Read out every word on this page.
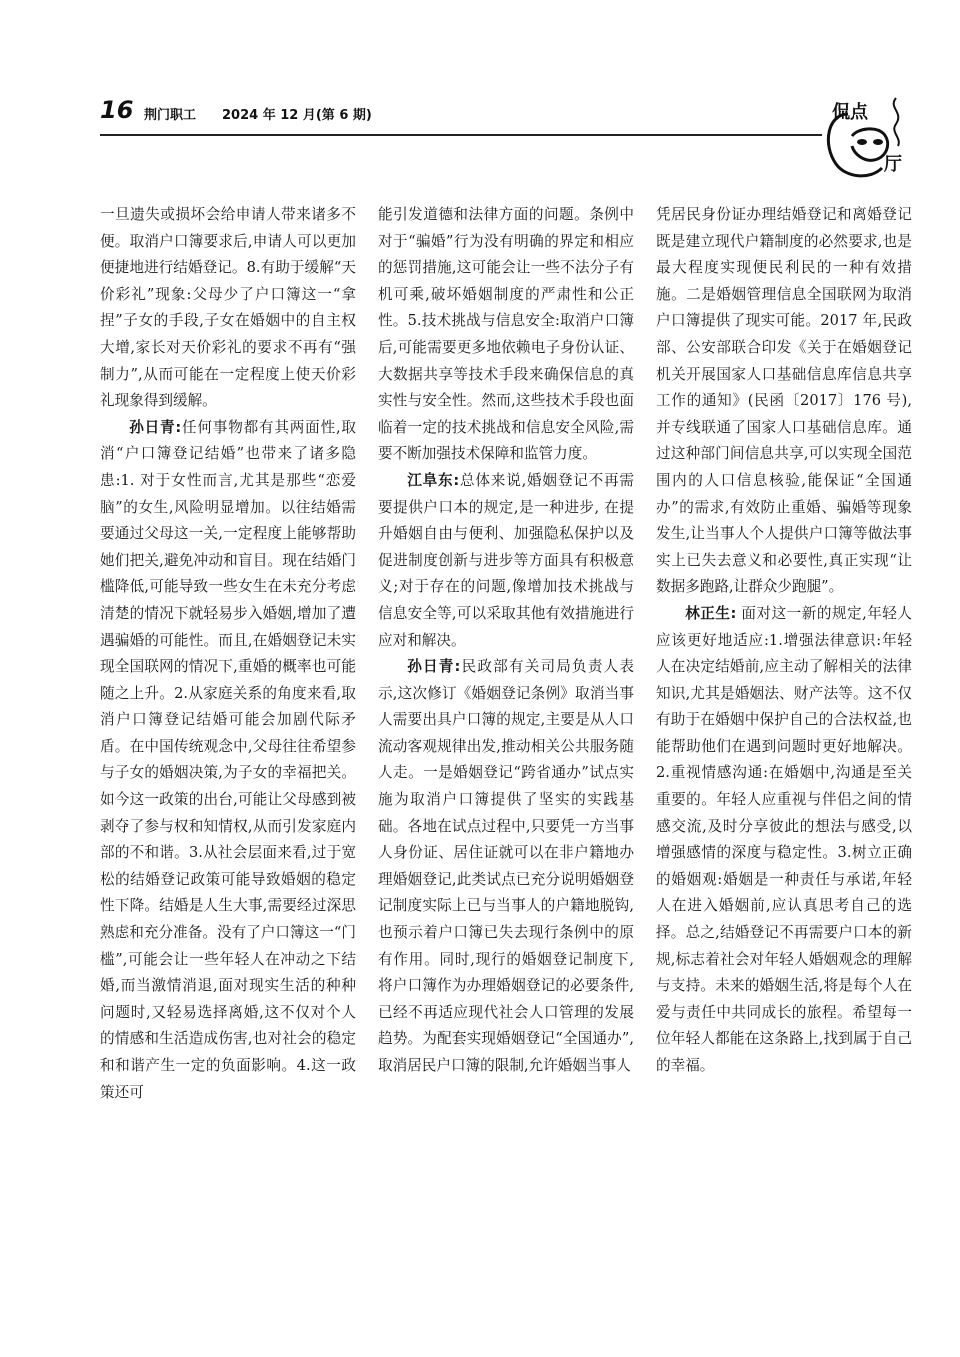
16 荆门职工 2024 年 12 月(第 6 期)	侃点
厅

一旦遗失或损坏会给申请人带来诸多不便。取消户口簿要求后,申请人可以更加便捷地进行结婚登记。8.有助于缓解“天价彩礼”现象:父母少了户口簿这一“拿捏”子女的手段,子女在婚姻中的自主权大增,家长对天价彩礼的要求不再有“强制力”,从而可能在一定程度上使天价彩礼现象得到缓解。

孙日青:任何事物都有其两面性,取消“户口簿登记结婚”也带来了诸多隐患:1. 对于女性而言,尤其是那些“恋爱脑”的女生,风险明显增加。以往结婚需要通过父母这一关,一定程度上能够帮助她们把关,避免冲动和盲目。现在结婚门槛降低,可能导致一些女生在未充分考虑清楚的情况下就轻易步入婚姻,增加了遭遇骗婚的可能性。而且,在婚姻登记未实现全国联网的情况下,重婚的概率也可能随之上升。2.从家庭关系的角度来看,取消户口簿登记结婚可能会加剧代际矛盾。在中国传统观念中,父母往往希望参与子女的婚姻决策,为子女的幸福把关。如今这一政策的出台,可能让父母感到被剥夺了参与权和知情权,从而引发家庭内部的不和谐。3.从社会层面来看,过于宽松的结婚登记政策可能导致婚姻的稳定性下降。结婚是人生大事,需要经过深思熟虑和充分准备。没有了户口簿这一“门槛”,可能会让一些年轻人在冲动之下结婚,而当激情消退,面对现实生活的种种问题时,又轻易选择离婚,这不仅对个人的情感和生活造成伤害,也对社会的稳定和和谐产生一定的负面影响。4.这一政策还可

能引发道德和法律方面的问题。条例中对于“骗婚”行为没有明确的界定和相应的惩罚措施,这可能会让一些不法分子有机可乘,破坏婚姻制度的严肃性和公正性。5.技术挑战与信息安全:取消户口簿后,可能需要更多地依赖电子身份认证、大数据共享等技术手段来确保信息的真实性与安全性。然而,这些技术手段也面临着一定的技术挑战和信息安全风险,需要不断加强技术保障和监管力度。

江阜东:总体来说,婚姻登记不再需要提供户口本的规定,是一种进步, 在提升婚姻自由与便利、加强隐私保护以及促进制度创新与进步等方面具有积极意义;对于存在的问题,像增加技术挑战与信息安全等,可以采取其他有效措施进行应对和解决。

孙日青:民政部有关司局负责人表示,这次修订《婚姻登记条例》取消当事人需要出具户口簿的规定,主要是从人口流动客观规律出发,推动相关公共服务随人走。一是婚姻登记“跨省通办”试点实施为取消户口簿提供了坚实的实践基础。各地在试点过程中,只要凭一方当事人身份证、居住证就可以在非户籍地办理婚姻登记,此类试点已充分说明婚姻登记制度实际上已与当事人的户籍地脱钩,也预示着户口簿已失去现行条例中的原有作用。同时,现行的婚姻登记制度下,将户口簿作为办理婚姻登记的必要条件,已经不再适应现代社会人口管理的发展趋势。为配套实现婚姻登记“全国通办”,取消居民户口簿的限制,允许婚姻当事人

凭居民身份证办理结婚登记和离婚登记既是建立现代户籍制度的必然要求,也是最大程度实现便民利民的一种有效措施。二是婚姻管理信息全国联网为取消户口簿提供了现实可能。2017 年,民政部、公安部联合印发《关于在婚姻登记机关开展国家人口基础信息库信息共享工作的通知》(民函〔2017〕176 号), 并专线联通了国家人口基础信息库。通过这种部门间信息共享,可以实现全国范围内的人口信息核验,能保证“全国通办”的需求,有效防止重婚、骗婚等现象发生,让当事人个人提供户口簿等做法事实上已失去意义和必要性,真正实现“让数据多跑路,让群众少跑腿”。

林正生: 面对这一新的规定,年轻人应该更好地适应:1.增强法律意识:年轻人在决定结婚前,应主动了解相关的法律知识,尤其是婚姻法、财产法等。这不仅有助于在婚姻中保护自己的合法权益,也能帮助他们在遇到问题时更好地解决。2.重视情感沟通:在婚姻中,沟通是至关重要的。年轻人应重视与伴侣之间的情感交流,及时分享彼此的想法与感受,以增强感情的深度与稳定性。3.树立正确的婚姻观:婚姻是一种责任与承诺,年轻人在进入婚姻前,应认真思考自己的选择。总之,结婚登记不再需要户口本的新规,标志着社会对年轻人婚姻观念的理解与支持。未来的婚姻生活,将是每个人在爱与责任中共同成长的旅程。希望每一位年轻人都能在这条路上,找到属于自己的幸福。
